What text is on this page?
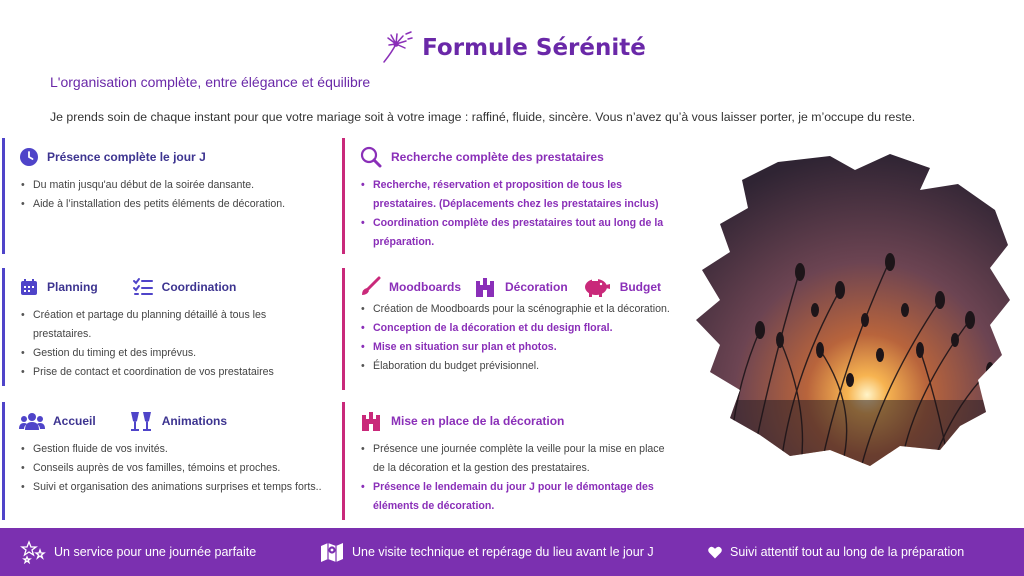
Formule Sérénité
L'organisation complète, entre élégance et équilibre
Je prends soin de chaque instant pour que votre mariage soit à votre image : raffiné, fluide, sincère. Vous n’avez qu’à vous laisser porter, je m’occupe du reste.
Présence complète le jour J
• Du matin jusqu'au début de la soirée dansante.
• Aide à l’installation des petits éléments de décoration.
Recherche complète des prestataires
• Recherche, réservation et proposition de tous les prestataires. (Déplacements chez les prestataires inclus)
• Coordination complète des prestataires tout au long de la préparation.
Planning	Coordination
• Création et partage du planning détaillé à tous les prestataires.
• Gestion du timing et des imprévus.
• Prise de contact et coordination de vos prestataires
Moodboards	Décoration	Budget
• Création de Moodboards pour la scénographie et la décoration.
• Conception de la décoration et du design floral.
• Mise en situation sur plan et photos.
• Élaboration du budget prévisionnel.
Accueil	Animations
• Gestion fluide de vos invités.
• Conseils auprès de vos familles, témoins et proches.
• Suivi et organisation des animations surprises et temps forts..
Mise en place de la décoration
• Présence une journée complète la veille pour la mise en place de la décoration et la gestion des prestataires.
• Présence le lendemain du jour J pour le démontage des éléments de décoration.
Un service pour une journée parfaite	Une visite technique et repérage du lieu avant le jour J	Suivi attentif tout au long de la préparation
